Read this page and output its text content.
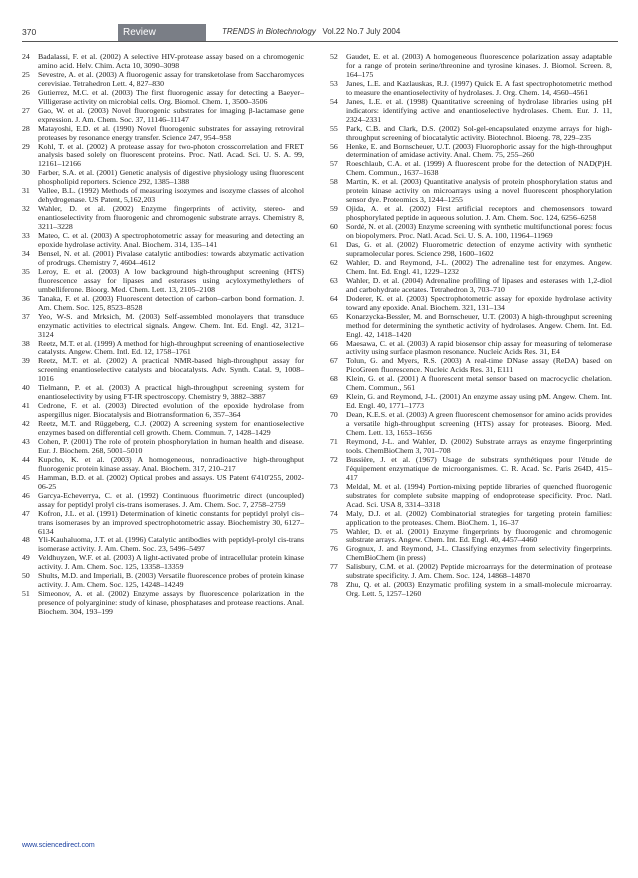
370	Review	TRENDS in Biotechnology Vol.22 No.7 July 2004
24 Badalassi, F. et al. (2002) A selective HIV-protease assay based on a chromogenic amino acid. Helv. Chim. Acta 10, 3090–3098
25 Sevestre, A. et al. (2003) A fluorogenic assay for transketolase from Saccharomyces cerevisiae. Tetrahedron Lett. 4, 827–830
26 Gutierrez, M.C. et al. (2003) The first fluorogenic assay for detecting a Baeyer–Villigerase activity on microbial cells. Org. Biomol. Chem. 1, 3500–3506
27 Gao, W. et al. (2003) Novel fluorogenic substrates for imaging β-lactamase gene expression. J. Am. Chem. Soc. 37, 11146–11147
28 Matayoshi, E.D. et al. (1990) Novel fluorogenic substrates for assaying retroviral proteases by resonance energy transfer. Science 247, 954–958
29 Kohl, T. et al. (2002) A protease assay for two-photon crosscorrelation and FRET analysis based solely on fluorescent proteins. Proc. Natl. Acad. Sci. U. S. A. 99, 12161–12166
30 Farber, S.A. et al. (2001) Genetic analysis of digestive physiology using fluorescent phospholipid reporters. Science 292, 1385–1388
31 Vallee, B.L. (1992) Methods of measuring isozymes and isozyme classes of alcohol dehydrogenase. US Patent, 5,162,203
32 Wahler, D. et al. (2002) Enzyme fingerprints of activity, stereo- and enantioselectivity from fluorogenic and chromogenic substrate arrays. Chemistry 8, 3211–3228
33 Mateo, C. et al. (2003) A spectrophotometric assay for measuring and detecting an epoxide hydrolase activity. Anal. Biochem. 314, 135–141
34 Bensel, N. et al. (2001) Pivalase catalytic antibodies: towards abzymatic activation of prodrugs. Chemistry 7, 4604–4612
35 Leroy, E. et al. (2003) A low background high-throughput screening (HTS) fluorescence assay for lipases and esterases using acyloxymethylethers of umbelliferone. Bioorg. Med. Chem. Lett. 13, 2105–2108
36 Tanaka, F. et al. (2003) Fluorescent detection of carbon–carbon bond formation. J. Am. Chem. Soc. 125, 8523–8528
37 Yeo, W-S. and Mrksich, M. (2003) Self-assembled monolayers that transduce enzymatic activities to electrical signals. Angew. Chem. Int. Ed. Engl. 42, 3121–3124
38 Reetz, M.T. et al. (1999) A method for high-throughput screening of enantioselective catalysts. Angew. Chem. Intl. Ed. 12, 1758–1761
39 Reetz, M.T. et al. (2002) A practical NMR-based high-throughput assay for screening enantioselective catalysts and biocatalysts. Adv. Synth. Catal. 9, 1008–1016
40 Tielmann, P. et al. (2003) A practical high-throughput screening system for enantioselectivity by using FT-IR spectroscopy. Chemistry 9, 3882–3887
41 Cedrone, F. et al. (2003) Directed evolution of the epoxide hydrolase from aspergillus niger. Biocatalysis and Biotransformation 6, 357–364
42 Reetz, M.T. and Rüggeberg, C.J. (2002) A screening system for enantioselective enzymes based on differential cell growth. Chem. Commun. 7, 1428–1429
43 Cohen, P. (2001) The role of protein phosphorylation in human health and disease. Eur. J. Biochem. 268, 5001–5010
44 Kupcho, K. et al. (2003) A homogeneous, nonradioactive high-throughput fluorogenic protein kinase assay. Anal. Biochem. 317, 210–217
45 Hamman, B.D. et al. (2002) Optical probes and assays. US Patent 6'410'255, 2002-06-25
46 Garcya-Echeverrya, C. et al. (1992) Continuous fluorimetric direct (uncoupled) assay for peptidyl prolyl cis-trans isomerases. J. Am. Chem. Soc. 7, 2758–2759
47 Kofron, J.L. et al. (1991) Determination of kinetic constants for peptidyl prolyl cis–trans isomerases by an improved spectrophotometric assay. Biochemistry 30, 6127–6134
48 Yli-Kauhaluoma, J.T. et al. (1996) Catalytic antibodies with peptidyl-prolyl cis-trans isomerase activity. J. Am. Chem. Soc. 23, 5496–5497
49 Veldhuyzen, W.F. et al. (2003) A light-activated probe of intracellular protein kinase activity. J. Am. Chem. Soc. 125, 13358–13359
50 Shults, M.D. and Imperiali, B. (2003) Versatile fluorescence probes of protein kinase activity. J. Am. Chem. Soc. 125, 14248–14249
51 Simeonov, A. et al. (2002) Enzyme assays by fluorescence polarization in the presence of polyarginine: study of kinase, phosphatases and protease reactions. Anal. Biochem. 304, 193–199
52 Gaudet, E. et al. (2003) A homogeneous fluorescence polarization assay adaptable for a range of protein serine/threonine and tyrosine kinases. J. Biomol. Screen. 8, 164–175
53 Janes, L.E. and Kazlauskas, R.J. (1997) Quick E. A fast spectrophotometric method to measure the enantioselectivity of hydrolases. J. Org. Chem. 14, 4560–4561
54 Janes, L.E. et al. (1998) Quantitative screening of hydrolase libraries using pH indicators: identifying active and enantioselective hydrolases. Chem. Eur. J. 11, 2324–2331
55 Park, C.B. and Clark, D.S. (2002) Sol-gel-encapsulated enzyme arrays for high-throughput screening of biocatalytic activity. Biotechnol. Bioeng. 78, 229–235
56 Henke, E. and Bornscheuer, U.T. (2003) Fluorophoric assay for the high-throughput determination of amidase activity. Anal. Chem. 75, 255–260
57 Roeschlaub, C.A. et al. (1999) A fluorescent probe for the detection of NAD(P)H. Chem. Commun., 1637–1638
58 Martin, K. et al. (2003) Quantitative analysis of protein phosphorylation status and protein kinase activity on microarrays using a novel fluorescent phosphorylation sensor dye. Proteomics 3, 1244–1255
59 Ojida, A. et al. (2002) First artificial receptors and chemosensors toward phosphorylated peptide in aqueous solution. J. Am. Chem. Soc. 124, 6256–6258
60 Sordé, N. et al. (2003) Enzyme screening with synthetic multifunctional pores: focus on biopolymers. Proc. Natl. Acad. Sci. U. S. A. 100, 11964–11969
61 Das, G. et al. (2002) Fluorometric detection of enzyme activity with synthetic supramolecular pores. Science 298, 1600–1602
62 Wahler, D. and Reymond, J-L. (2002) The adrenaline test for enzymes. Angew. Chem. Int. Ed. Engl. 41, 1229–1232
63 Wahler, D. et al. (2004) Adrenaline profiling of lipases and esterases with 1,2-diol and carbohydrate acetates. Tetrahedron 3, 703–710
64 Doderer, K. et al. (2003) Spectrophotometric assay for epoxide hydrolase activity toward any epoxide. Anal. Biochem. 321, 131–134
65 Konarzycka-Bessler, M. and Bornscheuer, U.T. (2003) A high-throughput screening method for determining the synthetic activity of hydrolases. Angew. Chem. Int. Ed. Engl. 42, 1418–1420
66 Maesawa, C. et al. (2003) A rapid biosensor chip assay for measuring of telomerase activity using surface plasmon resonance. Nucleic Acids Res. 31, E4
67 Tolun, G. and Myers, R.S. (2003) A real-time DNase assay (ReDA) based on PicoGreen fluorescence. Nucleic Acids Res. 31, E111
68 Klein, G. et al. (2001) A fluorescent metal sensor based on macrocyclic chelation. Chem. Commun., 561
69 Klein, G. and Reymond, J-L. (2001) An enzyme assay using pM. Angew. Chem. Int. Ed. Engl. 40, 1771–1773
70 Dean, K.E.S. et al. (2003) A green fluorescent chemosensor for amino acids provides a versatile high-throughput screening (HTS) assay for proteases. Bioorg. Med. Chem. Lett. 13, 1653–1656
71 Reymond, J-L. and Wahler, D. (2002) Substrate arrays as enzyme fingerprinting tools. ChemBioChem 3, 701–708
72 Bussière, J. et al. (1967) Usage de substrats synthétiques pour l'étude de l'équipement enzymatique de microorganismes. C. R. Acad. Sc. Paris 264D, 415–417
73 Meldal, M. et al. (1994) Portion-mixing peptide libraries of quenched fluorogenic substrates for complete subsite mapping of endoprotease specificity. Proc. Natl. Acad. Sci. USA 8, 3314–3318
74 Maly, D.J. et al. (2002) Combinatorial strategies for targeting protein families: application to the proteases. Chem. BioChem. 1, 16–37
75 Wahler, D. et al. (2001) Enzyme fingerprints by fluorogenic and chromogenic substrate arrays. Angew. Chem. Int. Ed. Engl. 40, 4457–4460
76 Grognux, J. and Reymond, J-L. Classifying enzymes from selectivity fingerprints. ChemBioChem (in press)
77 Salisbury, C.M. et al. (2002) Peptide microarrays for the determination of protease substrate specificity. J. Am. Chem. Soc. 124, 14868–14870
78 Zhu, Q. et al. (2003) Enzymatic profiling system in a small-molecule microarray. Org. Lett. 5, 1257–1260
www.sciencedirect.com
